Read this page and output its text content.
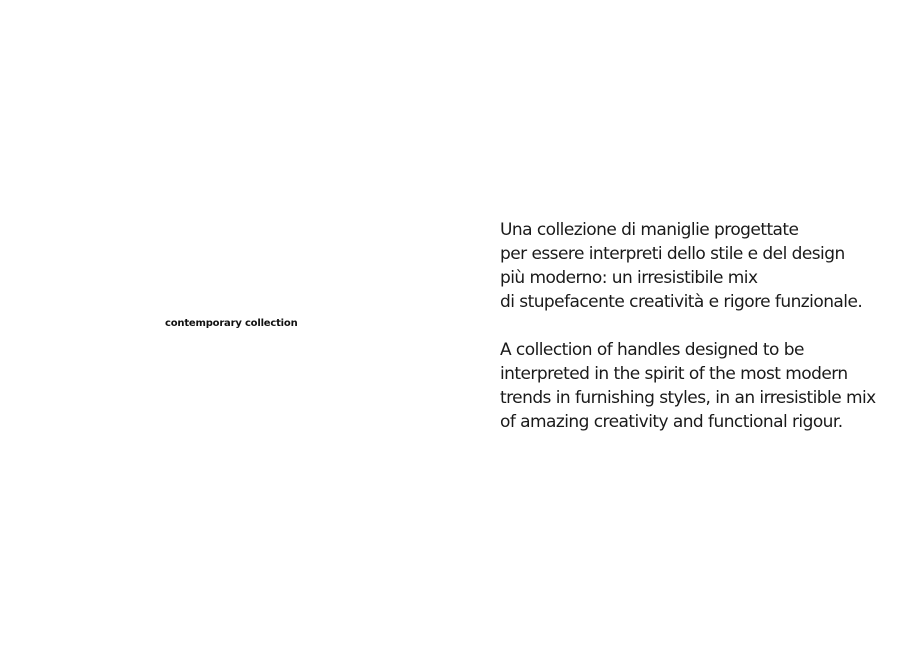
contemporary collection

Una collezione di maniglie progettate
per essere interpreti dello stile e del design
più moderno: un irresistibile mix
di stupefacente creatività e rigore funzionale.

A collection of handles designed to be
interpreted in the spirit of the most modern
trends in furnishing styles, in an irresistible mix
of amazing creativity and functional rigour.
